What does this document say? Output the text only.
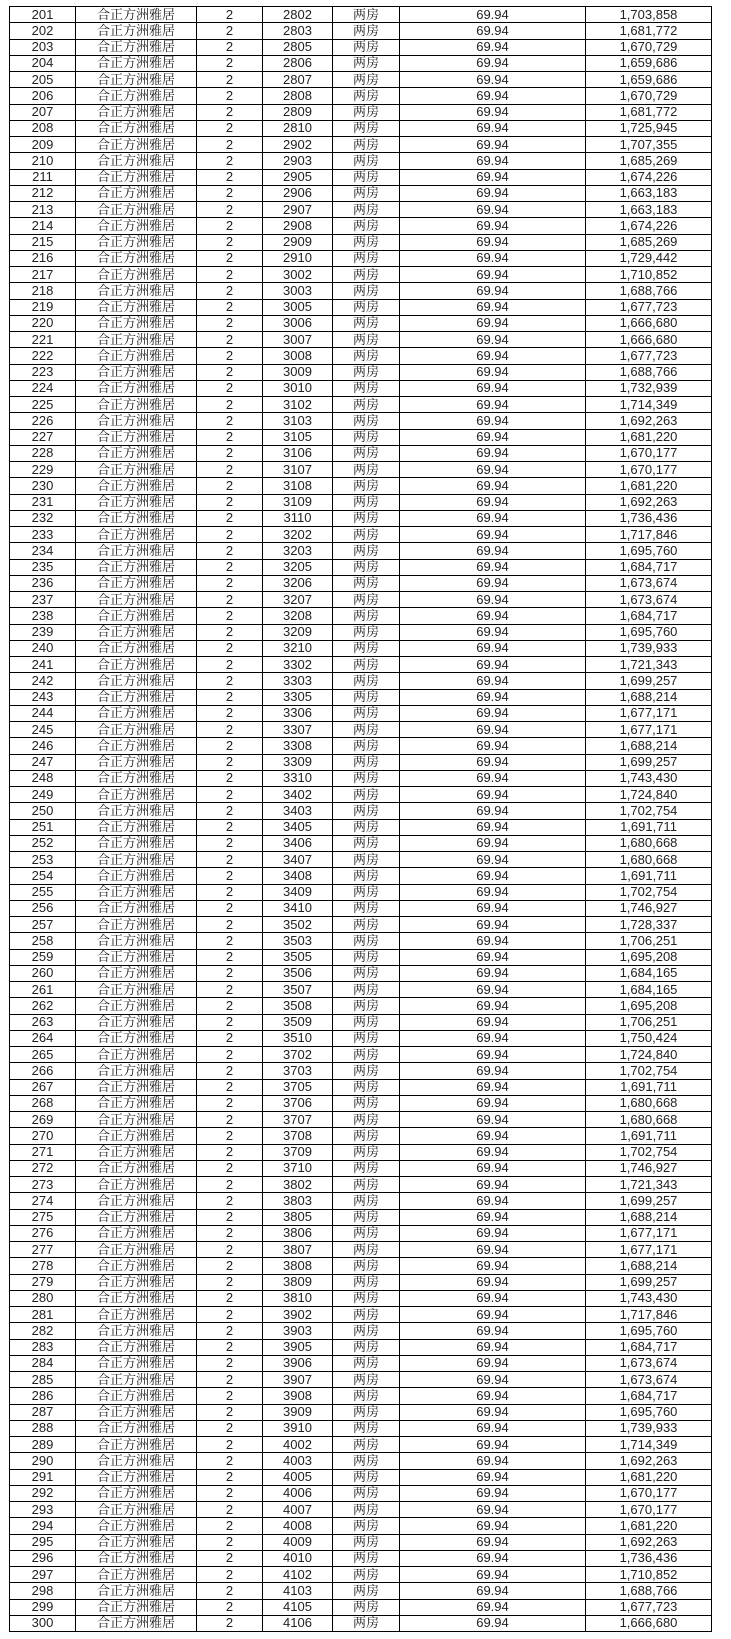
201	合正方洲雅居	2	2802	两房	69.94	1,703,858
202	合正方洲雅居	2	2803	两房	69.94	1,681,772
203	合正方洲雅居	2	2805	两房	69.94	1,670,729
204	合正方洲雅居	2	2806	两房	69.94	1,659,686
205	合正方洲雅居	2	2807	两房	69.94	1,659,686
206	合正方洲雅居	2	2808	两房	69.94	1,670,729
207	合正方洲雅居	2	2809	两房	69.94	1,681,772
208	合正方洲雅居	2	2810	两房	69.94	1,725,945
209	合正方洲雅居	2	2902	两房	69.94	1,707,355
210	合正方洲雅居	2	2903	两房	69.94	1,685,269
211	合正方洲雅居	2	2905	两房	69.94	1,674,226
212	合正方洲雅居	2	2906	两房	69.94	1,663,183
213	合正方洲雅居	2	2907	两房	69.94	1,663,183
214	合正方洲雅居	2	2908	两房	69.94	1,674,226
215	合正方洲雅居	2	2909	两房	69.94	1,685,269
216	合正方洲雅居	2	2910	两房	69.94	1,729,442
217	合正方洲雅居	2	3002	两房	69.94	1,710,852
218	合正方洲雅居	2	3003	两房	69.94	1,688,766
219	合正方洲雅居	2	3005	两房	69.94	1,677,723
220	合正方洲雅居	2	3006	两房	69.94	1,666,680
221	合正方洲雅居	2	3007	两房	69.94	1,666,680
222	合正方洲雅居	2	3008	两房	69.94	1,677,723
223	合正方洲雅居	2	3009	两房	69.94	1,688,766
224	合正方洲雅居	2	3010	两房	69.94	1,732,939
225	合正方洲雅居	2	3102	两房	69.94	1,714,349
226	合正方洲雅居	2	3103	两房	69.94	1,692,263
227	合正方洲雅居	2	3105	两房	69.94	1,681,220
228	合正方洲雅居	2	3106	两房	69.94	1,670,177
229	合正方洲雅居	2	3107	两房	69.94	1,670,177
230	合正方洲雅居	2	3108	两房	69.94	1,681,220
231	合正方洲雅居	2	3109	两房	69.94	1,692,263
232	合正方洲雅居	2	3110	两房	69.94	1,736,436
233	合正方洲雅居	2	3202	两房	69.94	1,717,846
234	合正方洲雅居	2	3203	两房	69.94	1,695,760
235	合正方洲雅居	2	3205	两房	69.94	1,684,717
236	合正方洲雅居	2	3206	两房	69.94	1,673,674
237	合正方洲雅居	2	3207	两房	69.94	1,673,674
238	合正方洲雅居	2	3208	两房	69.94	1,684,717
239	合正方洲雅居	2	3209	两房	69.94	1,695,760
240	合正方洲雅居	2	3210	两房	69.94	1,739,933
241	合正方洲雅居	2	3302	两房	69.94	1,721,343
242	合正方洲雅居	2	3303	两房	69.94	1,699,257
243	合正方洲雅居	2	3305	两房	69.94	1,688,214
244	合正方洲雅居	2	3306	两房	69.94	1,677,171
245	合正方洲雅居	2	3307	两房	69.94	1,677,171
246	合正方洲雅居	2	3308	两房	69.94	1,688,214
247	合正方洲雅居	2	3309	两房	69.94	1,699,257
248	合正方洲雅居	2	3310	两房	69.94	1,743,430
249	合正方洲雅居	2	3402	两房	69.94	1,724,840
250	合正方洲雅居	2	3403	两房	69.94	1,702,754
251	合正方洲雅居	2	3405	两房	69.94	1,691,711
252	合正方洲雅居	2	3406	两房	69.94	1,680,668
253	合正方洲雅居	2	3407	两房	69.94	1,680,668
254	合正方洲雅居	2	3408	两房	69.94	1,691,711
255	合正方洲雅居	2	3409	两房	69.94	1,702,754
256	合正方洲雅居	2	3410	两房	69.94	1,746,927
257	合正方洲雅居	2	3502	两房	69.94	1,728,337
258	合正方洲雅居	2	3503	两房	69.94	1,706,251
259	合正方洲雅居	2	3505	两房	69.94	1,695,208
260	合正方洲雅居	2	3506	两房	69.94	1,684,165
261	合正方洲雅居	2	3507	两房	69.94	1,684,165
262	合正方洲雅居	2	3508	两房	69.94	1,695,208
263	合正方洲雅居	2	3509	两房	69.94	1,706,251
264	合正方洲雅居	2	3510	两房	69.94	1,750,424
265	合正方洲雅居	2	3702	两房	69.94	1,724,840
266	合正方洲雅居	2	3703	两房	69.94	1,702,754
267	合正方洲雅居	2	3705	两房	69.94	1,691,711
268	合正方洲雅居	2	3706	两房	69.94	1,680,668
269	合正方洲雅居	2	3707	两房	69.94	1,680,668
270	合正方洲雅居	2	3708	两房	69.94	1,691,711
271	合正方洲雅居	2	3709	两房	69.94	1,702,754
272	合正方洲雅居	2	3710	两房	69.94	1,746,927
273	合正方洲雅居	2	3802	两房	69.94	1,721,343
274	合正方洲雅居	2	3803	两房	69.94	1,699,257
275	合正方洲雅居	2	3805	两房	69.94	1,688,214
276	合正方洲雅居	2	3806	两房	69.94	1,677,171
277	合正方洲雅居	2	3807	两房	69.94	1,677,171
278	合正方洲雅居	2	3808	两房	69.94	1,688,214
279	合正方洲雅居	2	3809	两房	69.94	1,699,257
280	合正方洲雅居	2	3810	两房	69.94	1,743,430
281	合正方洲雅居	2	3902	两房	69.94	1,717,846
282	合正方洲雅居	2	3903	两房	69.94	1,695,760
283	合正方洲雅居	2	3905	两房	69.94	1,684,717
284	合正方洲雅居	2	3906	两房	69.94	1,673,674
285	合正方洲雅居	2	3907	两房	69.94	1,673,674
286	合正方洲雅居	2	3908	两房	69.94	1,684,717
287	合正方洲雅居	2	3909	两房	69.94	1,695,760
288	合正方洲雅居	2	3910	两房	69.94	1,739,933
289	合正方洲雅居	2	4002	两房	69.94	1,714,349
290	合正方洲雅居	2	4003	两房	69.94	1,692,263
291	合正方洲雅居	2	4005	两房	69.94	1,681,220
292	合正方洲雅居	2	4006	两房	69.94	1,670,177
293	合正方洲雅居	2	4007	两房	69.94	1,670,177
294	合正方洲雅居	2	4008	两房	69.94	1,681,220
295	合正方洲雅居	2	4009	两房	69.94	1,692,263
296	合正方洲雅居	2	4010	两房	69.94	1,736,436
297	合正方洲雅居	2	4102	两房	69.94	1,710,852
298	合正方洲雅居	2	4103	两房	69.94	1,688,766
299	合正方洲雅居	2	4105	两房	69.94	1,677,723
300	合正方洲雅居	2	4106	两房	69.94	1,666,680
